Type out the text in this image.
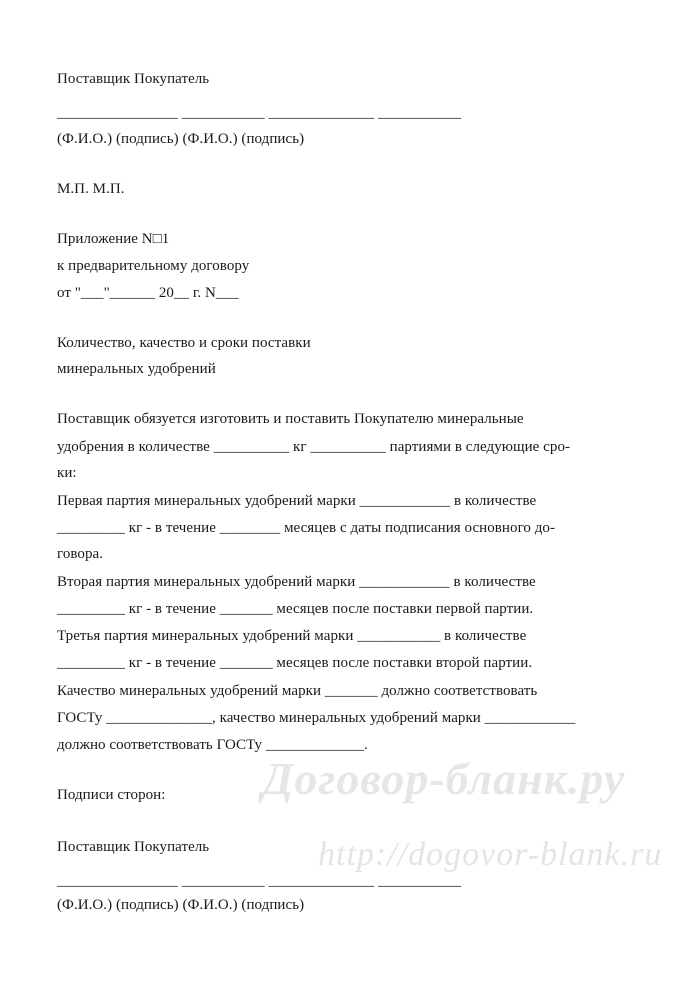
Поставщик Покупатель
________________ ___________ ______________ ___________
(Ф.И.О.) (подпись) (Ф.И.О.) (подпись)
М.П. М.П.
Приложение N□1
к предварительному договору
от "___"______ 20__ г. N___
Количество, качество и сроки поставки
минеральных удобрений
Поставщик обязуется изготовить и поставить Покупателю минеральные
удобрения в количестве __________ кг __________ партиями в следующие сро-
ки:
Первая партия минеральных удобрений марки ____________ в количестве
_________ кг - в течение ________ месяцев с даты подписания основного до-
говора.
Вторая партия минеральных удобрений марки ____________ в количестве
_________ кг - в течение _______ месяцев после поставки первой партии.
Третья партия минеральных удобрений марки ___________ в количестве
_________ кг - в течение _______ месяцев после поставки второй партии.
Качество минеральных удобрений марки _______ должно соответствовать
ГОСТу ______________, качество минеральных удобрений марки ____________
должно соответствовать ГОСТу _____________.
Подписи сторон:
Поставщик Покупатель
________________ ___________ ______________ ___________
(Ф.И.О.) (подпись) (Ф.И.О.) (подпись)
Договор-бланк.ру
http://dogovor-blank.ru
